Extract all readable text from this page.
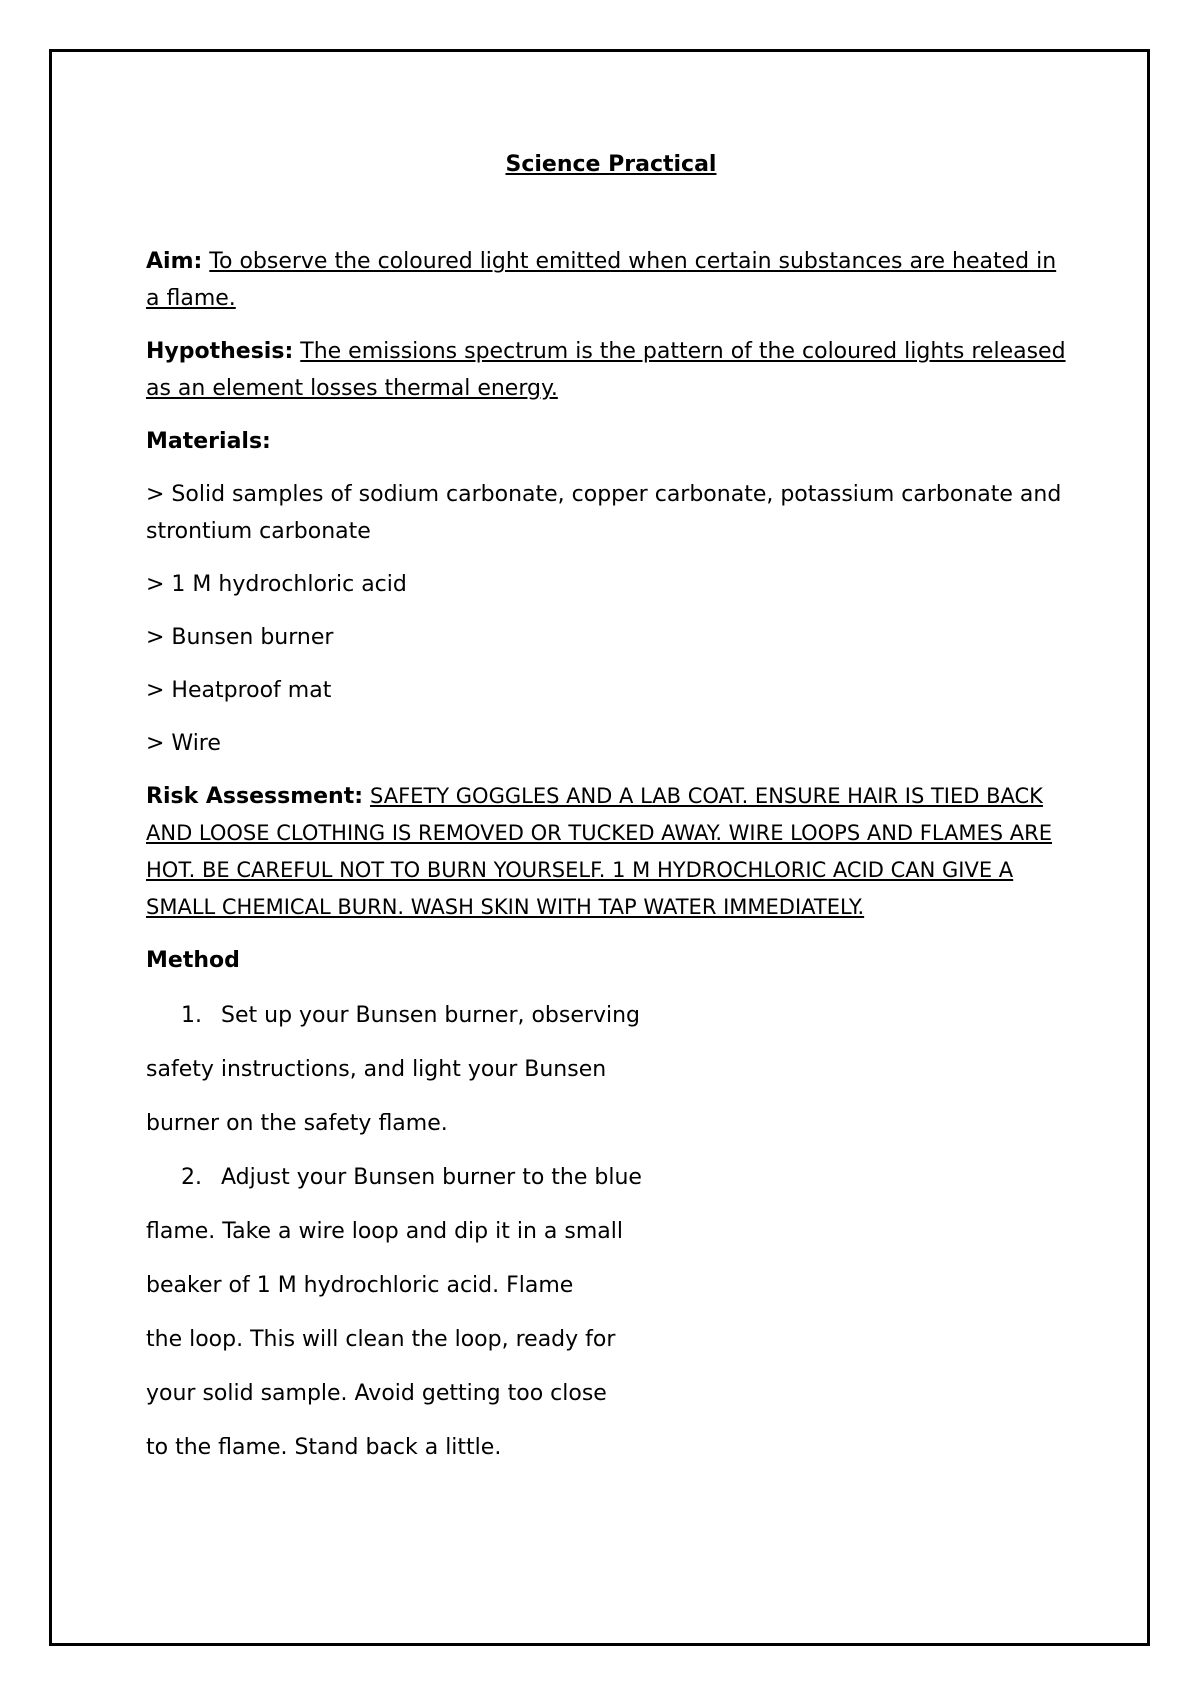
Science Practical

Aim: To observe the coloured light emitted when certain substances are heated in a flame.

Hypothesis: The emissions spectrum is the pattern of the coloured lights released as an element losses thermal energy.

Materials:

> Solid samples of sodium carbonate, copper carbonate, potassium carbonate and strontium carbonate

> 1 M hydrochloric acid

> Bunsen burner

> Heatproof mat

> Wire

Risk Assessment: SAFETY GOGGLES AND A LAB COAT. ENSURE HAIR IS TIED BACK AND LOOSE CLOTHING IS REMOVED OR TUCKED AWAY. WIRE LOOPS AND FLAMES ARE HOT. BE CAREFUL NOT TO BURN YOURSELF. 1 M HYDROCHLORIC ACID CAN GIVE A SMALL CHEMICAL BURN. WASH SKIN WITH TAP WATER IMMEDIATELY.

Method

1. Set up your Bunsen burner, observing

safety instructions, and light your Bunsen

burner on the safety flame.

2. Adjust your Bunsen burner to the blue

flame. Take a wire loop and dip it in a small

beaker of 1 M hydrochloric acid. Flame

the loop. This will clean the loop, ready for

your solid sample. Avoid getting too close

to the flame. Stand back a little.
